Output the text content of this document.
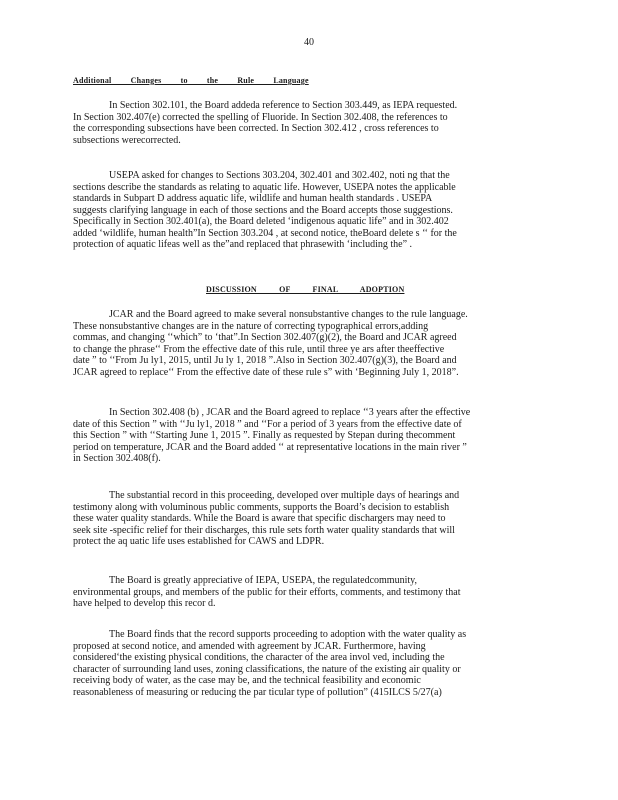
40
Additional Changes to the Rule Language
In Section 302.101, the Board addeda reference to Section 303.449, as IEPA requested.
In Section 302.407(e) corrected the spelling of Fluoride. In Section 302.408, the references to
the corresponding subsections have been corrected. In Section 302.412 , cross references to
subsections werecorrected.
USEPA asked for changes to Sections 303.204, 302.401 and 302.402, noti ng that the
sections describe the standards as relating to aquatic life. However, USEPA notes the applicable
standards in Subpart D address aquatic life, wildlife and human health standards . USEPA
suggests clarifying language in each of those sections and the Board accepts those suggestions.
Specifically in Section 302.401(a), the Board deleted ‘indigenous aquatic life” and in 302.402
added ‘wildlife, human health”In Section 303.204 , at second notice, theBoard delete s ‘‘ for the
protection of aquatic lifeas well as the”and replaced that phrasewith ‘including the” .
DISCUSSION OF FINAL ADOPTION
JCAR and the Board agreed to make several nonsubstantive changes to the rule language.
These nonsubstantive changes are in the nature of correcting typographical errors,adding
commas, and changing ‘‘which” to ‘that”.In Section 302.407(g)(2), the Board and JCAR agreed
to change the phrase‘‘ From the effective date of this rule, until three ye ars after theeffective
date ” to ‘‘From Ju ly1, 2015, until Ju ly 1, 2018 ”.Also in Section 302.407(g)(3), the Board and
JCAR agreed to replace‘‘ From the effective date of these rule s” with ‘Beginning July 1, 2018”.
In Section 302.408 (b) , JCAR and the Board agreed to replace ‘‘3 years after the effective
date of this Section ” with ‘‘Ju ly1, 2018 ” and ‘‘For a period of 3 years from the effective date of
this Section ” with ‘‘Starting June 1, 2015 ”. Finally as requested by Stepan during thecomment
period on temperature, JCAR and the Board added ‘‘ at representative locations in the main river ”
in Section 302.408(f).
The substantial record in this proceeding, developed over multiple days of hearings and
testimony along with voluminous public comments, supports the Board’s decision to establish
these water quality standards. While the Board is aware that specific dischargers may need to
seek site -specific relief for their discharges, this rule sets forth water quality standards that will
protect the aq uatic life uses established for CAWS and LDPR.
The Board is greatly appreciative of IEPA, USEPA, the regulatedcommunity,
environmental groups, and members of the public for their efforts, comments, and testimony that
have helped to develop this recor d.
The Board finds that the record supports proceeding to adoption with the water quality as
proposed at second notice, and amended with agreement by JCAR. Furthermore, having
considered‘the existing physical conditions, the character of the area invol ved, including the
character of surrounding land uses, zoning classifications, the nature of the existing air quality or
receiving body of water, as the case may be, and the technical feasibility and economic
reasonableness of measuring or reducing the par ticular type of pollution” (415ILCS 5/27(a)
